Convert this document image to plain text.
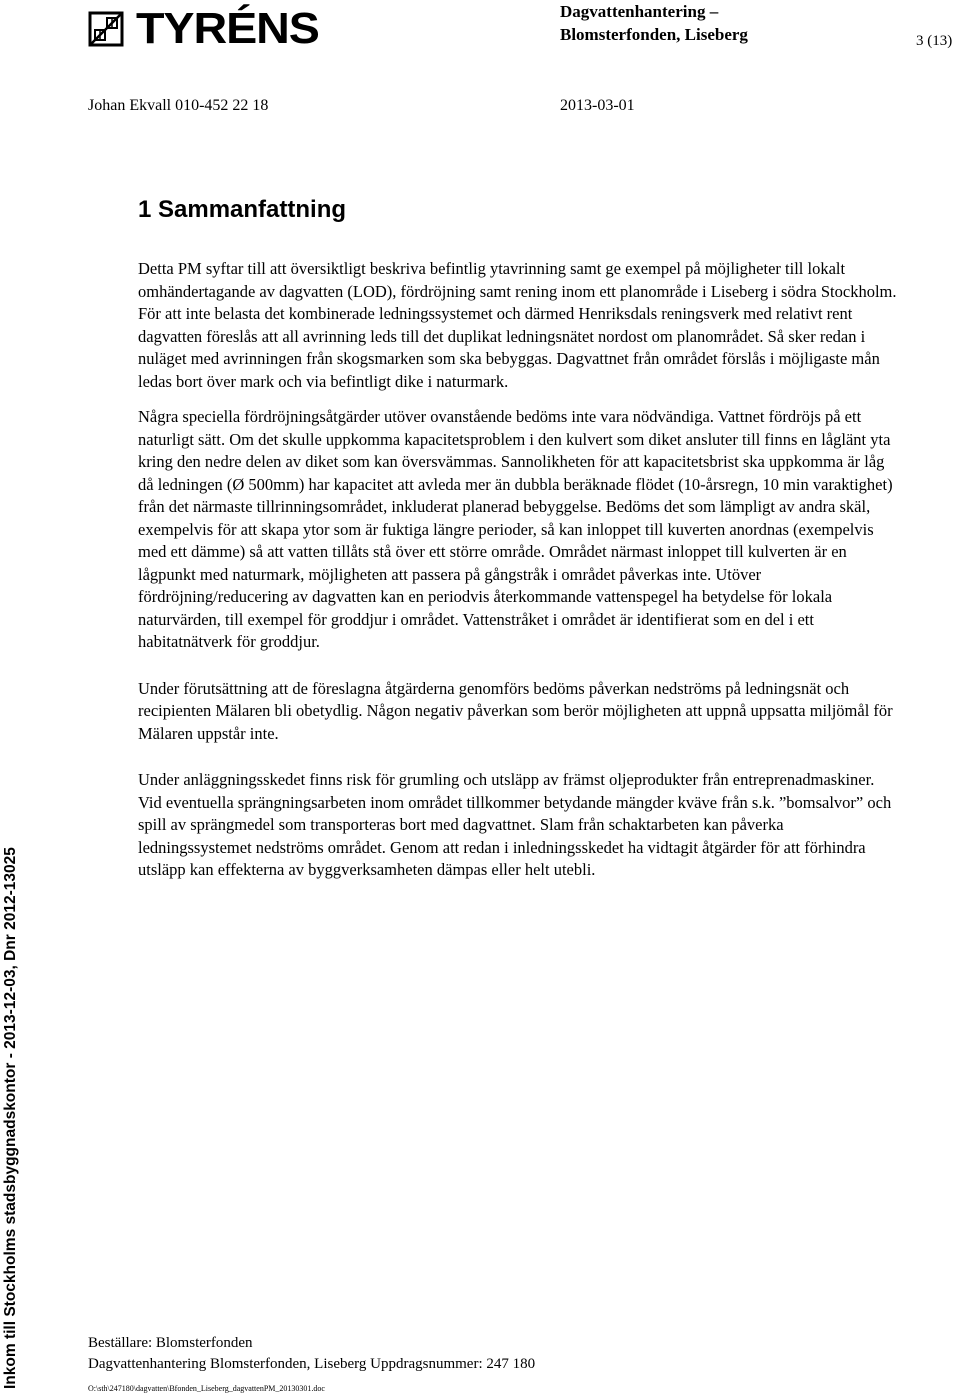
TYRÉNS	Dagvattenhantering –
Blomsterfonden, Liseberg	3 (13)
Johan Ekvall 010-452 22 18	2013-03-01
1 Sammanfattning

Detta PM syftar till att översiktligt beskriva befintlig ytavrinning samt ge exempel på möjligheter till lokalt omhändertagande av dagvatten (LOD), fördröjning samt rening inom ett planområde i Liseberg i södra Stockholm.

För att inte belasta det kombinerade ledningssystemet och därmed Henriksdals reningsverk med relativt rent dagvatten föreslås att all avrinning leds till det duplikat ledningsnätet nordost om planområdet. Så sker redan i nuläget med avrinningen från skogsmarken som ska bebyggas. Dagvattnet från området förslås i möjligaste mån ledas bort över mark och via befintligt dike i naturmark.

Några speciella fördröjningsåtgärder utöver ovanstående bedöms inte vara nödvändiga. Vattnet fördröjs på ett naturligt sätt. Om det skulle uppkomma kapacitetsproblem i den kulvert som diket ansluter till finns en låglänt yta kring den nedre delen av diket som kan översvämmas. Sannolikheten för att kapacitetsbrist ska uppkomma är låg då ledningen (Ø 500mm) har kapacitet att avleda mer än dubbla beräknade flödet (10-årsregn, 10 min varaktighet) från det närmaste tillrinningsområdet, inkluderat planerad bebyggelse. Bedöms det som lämpligt av andra skäl, exempelvis för att skapa ytor som är fuktiga längre perioder, så kan inloppet till kuverten anordnas (exempelvis med ett dämme) så att vatten tillåts stå över ett större område. Området närmast inloppet till kulverten är en lågpunkt med naturmark, möjligheten att passera på gångstråk i området påverkas inte. Utöver fördröjning/reducering av dagvatten kan en periodvis återkommande vattenspegel ha betydelse för lokala naturvärden, till exempel för groddjur i området. Vattenstråket i området är identifierat som en del i ett habitatnätverk för groddjur.

Under förutsättning att de föreslagna åtgärderna genomförs bedöms påverkan nedströms på ledningsnät och recipienten Mälaren bli obetydlig. Någon negativ påverkan som berör möjligheten att uppnå uppsatta miljömål för Mälaren uppstår inte.

Under anläggningsskedet finns risk för grumling och utsläpp av främst oljeprodukter från entreprenadmaskiner. Vid eventuella sprängningsarbeten inom området tillkommer betydande mängder kväve från s.k. ”bomsalvor” och spill av sprängmedel som transporteras bort med dagvattnet. Slam från schaktarbeten kan påverka ledningssystemet nedströms området. Genom att redan i inledningsskedet ha vidtagit åtgärder för att förhindra utsläpp kan effekterna av byggverksamheten dämpas eller helt utebli.

Inkom till Stockholms stadsbyggnadskontor - 2013-12-03, Dnr 2012-13025	Beställare: Blomsterfonden
Dagvattenhantering Blomsterfonden, Liseberg Uppdragsnummer: 247 180
O:\sth\247180\dagvatten\Bfonden_Liseberg_dagvattenPM_20130301.doc
